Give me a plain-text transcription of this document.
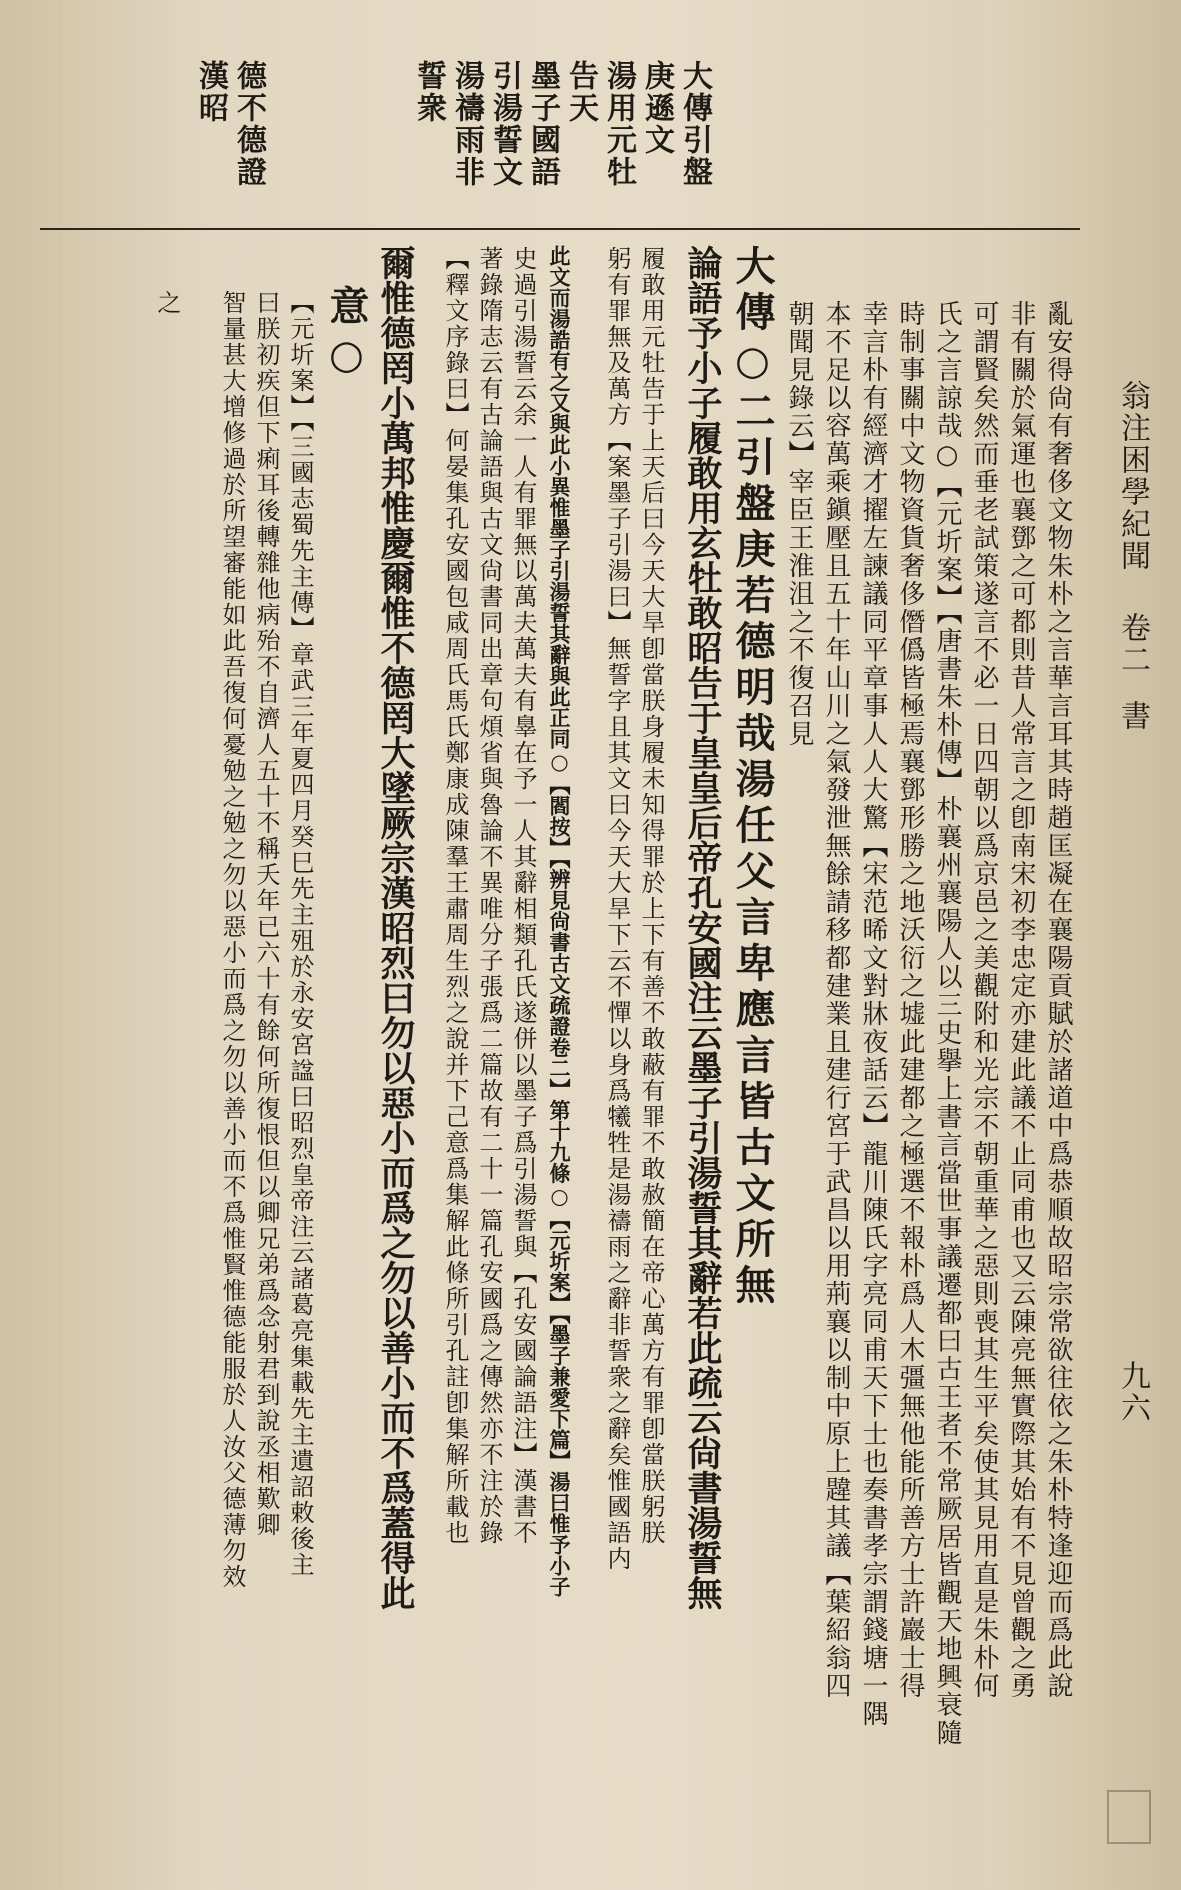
翁注困學紀聞
卷二
書
九六
大傳引盤
庚遜文
湯用元牡
告天
墨子國語
引湯誓文
湯禱雨非
誓衆
德不德證
漢昭
亂安得尙有奢侈文物朱朴之言華言耳其時趙匡凝在襄陽貢賦於諸道中爲恭順故昭宗常欲往依之朱朴特逢迎而爲此說
非有關於氣運也襄鄧之可都則昔人常言之卽南宋初李忠定亦建此議不止同甫也又云陳亮無實際其始有不見曾觀之勇
可謂賢矣然而垂老試策遂言不必一日四朝以爲京邑之美觀附和光宗不朝重華之惡則喪其生平矣使其見用直是朱朴何
氏之言諒哉○【元圻案】【唐書朱朴傳】朴襄州襄陽人以三史擧上書言當世事議遷都曰古王者不常厥居皆觀天地興衰隨
時制事關中文物資貨奢侈僭僞皆極焉襄鄧形勝之地沃衍之墟此建都之極選不報朴爲人木彊無他能所善方士許巖士得
幸言朴有經濟才擢左諫議同平章事人人大驚【宋范晞文對牀夜話云】龍川陳氏字亮同甫天下士也奏書孝宗謂錢塘一隅
本不足以容萬乘鎭壓且五十年山川之氣發泄無餘請移都建業且建行宮于武昌以用荊襄以制中原上韙其議【葉紹翁四
朝聞見錄云】宰臣王淮沮之不復召見
大傳○二引盤庚若德明哉湯任父言卑應言皆古文所無
論語予小子履敢用玄牡敢昭告于皇皇后帝孔安國注云墨子引湯誓其辭若此疏云尙書湯誓無
履敢用元牡告于上天后曰今天大旱卽當朕身履未知得罪於上下有善不敢蔽有罪不敢赦簡在帝心萬方有罪卽當朕躬朕
躬有罪無及萬方【案墨子引湯曰】無誓字且其文曰今天大旱下云不憚以身爲犧牲是湯禱雨之辭非誓衆之辭矣惟國語内
此文而湯誥有之又與此小異惟墨子引湯誓其辭與此正同○【閻按】【辨見尙書古文疏證卷二】第十九條○【元圻案】【墨子兼愛下篇】湯曰惟予小子
史過引湯誓云余一人有罪無以萬夫萬夫有辠在予一人其辭相類孔氏遂併以墨子爲引湯誓與【孔安國論語注】漢書不
著錄隋志云有古論語與古文尙書同出章句煩省與魯論不異唯分子張爲二篇故有二十一篇孔安國爲之傳然亦不注於錄
【釋文序錄曰】何晏集孔安國包咸周氏馬氏鄭康成陳羣王肅周生烈之說并下己意爲集解此條所引孔註卽集解所載也
爾惟德罔小萬邦惟慶爾惟不德罔大墜厥宗漢昭烈曰勿以惡小而爲之勿以善小而不爲蓋得此
意○
【元圻案】【三國志蜀先主傳】章武三年夏四月癸巳先主殂於永安宮諡曰昭烈皇帝注云諸葛亮集載先主遺詔敕後主
曰朕初疾但下痢耳後轉雜他病殆不自濟人五十不稱夭年已六十有餘何所復恨但以卿兄弟爲念射君到說丞相歎卿
智量甚大增修過於所望審能如此吾復何憂勉之勉之勿以惡小而爲之勿以善小而不爲惟賢惟德能服於人汝父德薄勿效
之
